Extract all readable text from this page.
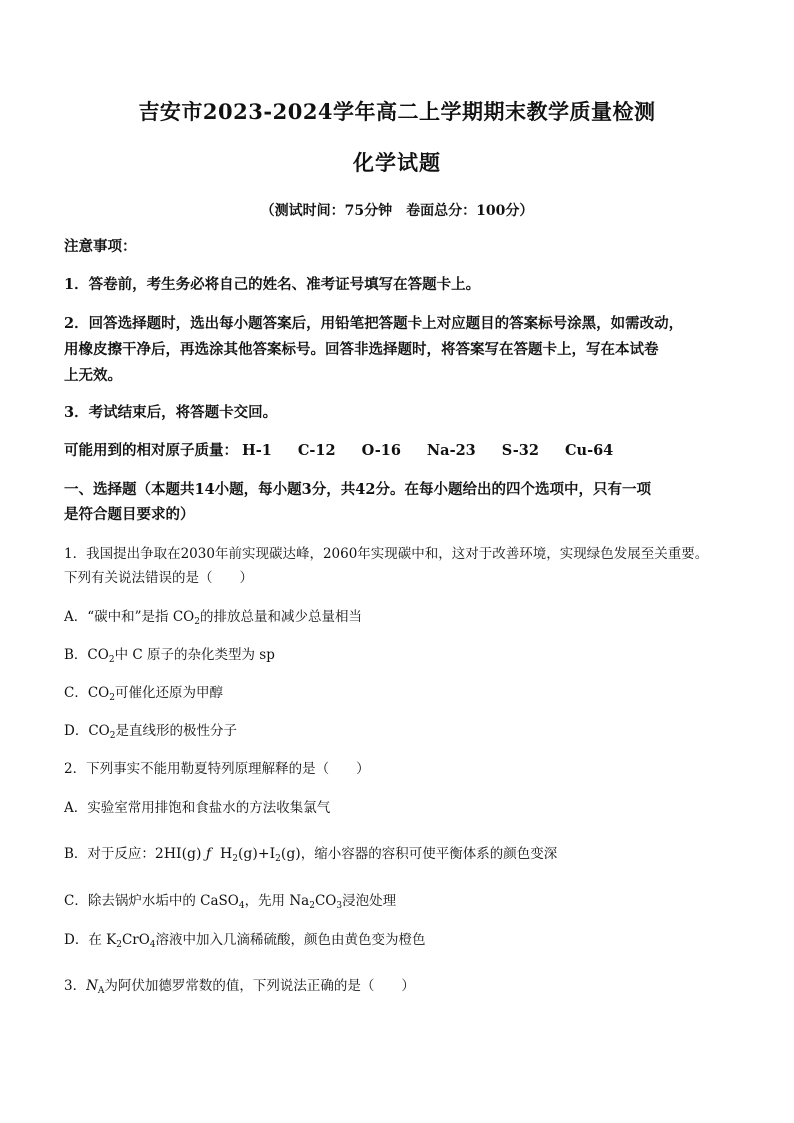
吉安市2023-2024学年高二上学期期末教学质量检测
化学试题
（测试时间：75分钟　卷面总分：100分）
注意事项：
1．答卷前，考生务必将自己的姓名、准考证号填写在答题卡上。
2．回答选择题时，选出每小题答案后，用铅笔把答题卡上对应题目的答案标号涂黑，如需改动，
用橡皮擦干净后，再选涂其他答案标号。回答非选择题时，将答案写在答题卡上，写在本试卷
上无效。
3．考试结束后，将答题卡交回。
可能用到的相对原子质量： H-1 C-12 O-16 Na-23 S-32 Cu-64
一、选择题（本题共14小题，每小题3分，共42分。在每小题给出的四个选项中，只有一项
是符合题目要求的）
1．我国提出争取在2030年前实现碳达峰，2060年实现碳中和，这对于改善环境，实现绿色发展至关重要。
下列有关说法错误的是（　　）
A．“碳中和”是指 $CO_2$的排放总量和减少总量相当
B．$CO_2$中 C 原子的杂化类型为 sp
C．$CO_2$可催化还原为甲醇
D．$CO_2$是直线形的极性分子
2．下列事实不能用勒夏特列原理解释的是（　　）
A．实验室常用排饱和食盐水的方法收集氯气
B．对于反应：2HI(g) ƒ $H_2(g)+I_2(g)$，缩小容器的容积可使平衡体系的颜色变深
C．除去锅炉水垢中的 CaSO$_4$，先用 $Na_2CO_3$浸泡处理
D．在 $K_2CrO_4$溶液中加入几滴稀硫酸，颜色由黄色变为橙色
3．$N_A$为阿伏加德罗常数的值，下列说法正确的是（　　）
